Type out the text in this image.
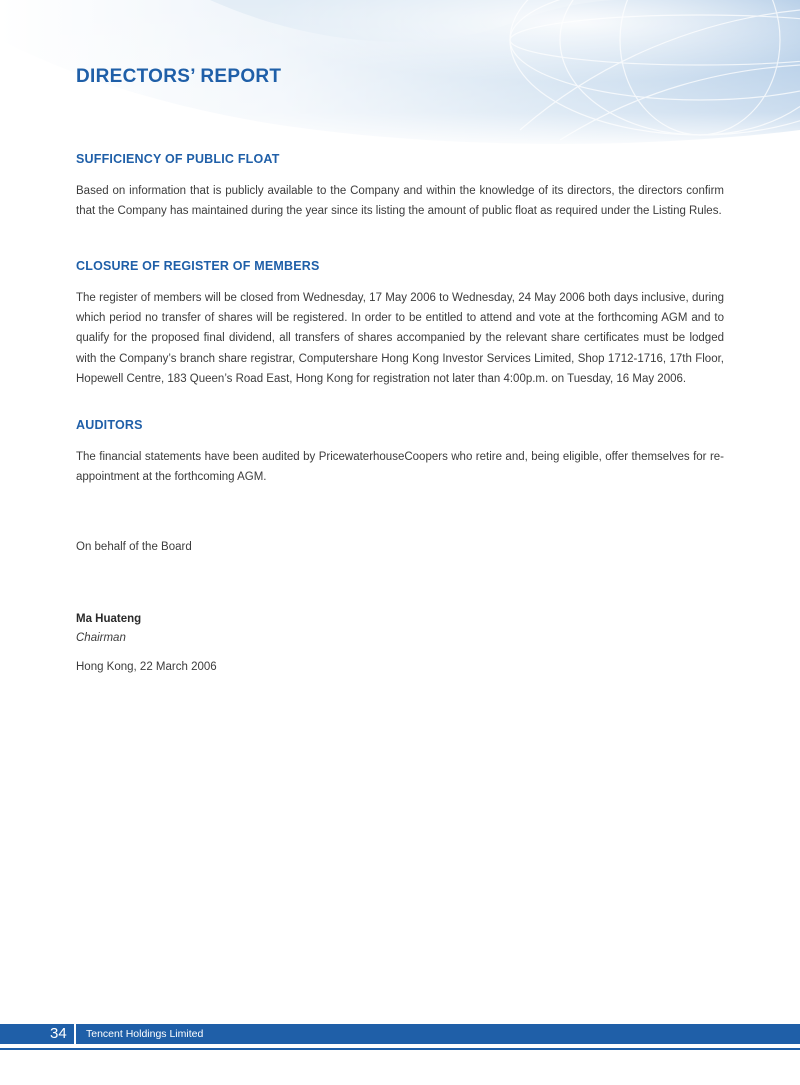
DIRECTORS’ REPORT
SUFFICIENCY OF PUBLIC FLOAT

Based on information that is publicly available to the Company and within the knowledge of its directors, the directors confirm that the Company has maintained during the year since its listing the amount of public float as required under the Listing Rules.

CLOSURE OF REGISTER OF MEMBERS

The register of members will be closed from Wednesday, 17 May 2006 to Wednesday, 24 May 2006 both days inclusive, during which period no transfer of shares will be registered. In order to be entitled to attend and vote at the forthcoming AGM and to qualify for the proposed final dividend, all transfers of shares accompanied by the relevant share certificates must be lodged with the Company’s branch share registrar, Computershare Hong Kong Investor Services Limited, Shop 1712-1716, 17th Floor, Hopewell Centre, 183 Queen’s Road East, Hong Kong for registration not later than 4:00p.m. on Tuesday, 16 May 2006.

AUDITORS

The financial statements have been audited by PricewaterhouseCoopers who retire and, being eligible, offer themselves for re-appointment at the forthcoming AGM.

On behalf of the Board
Ma Huateng
Chairman
Hong Kong, 22 March 2006
34 Tencent Holdings Limited
